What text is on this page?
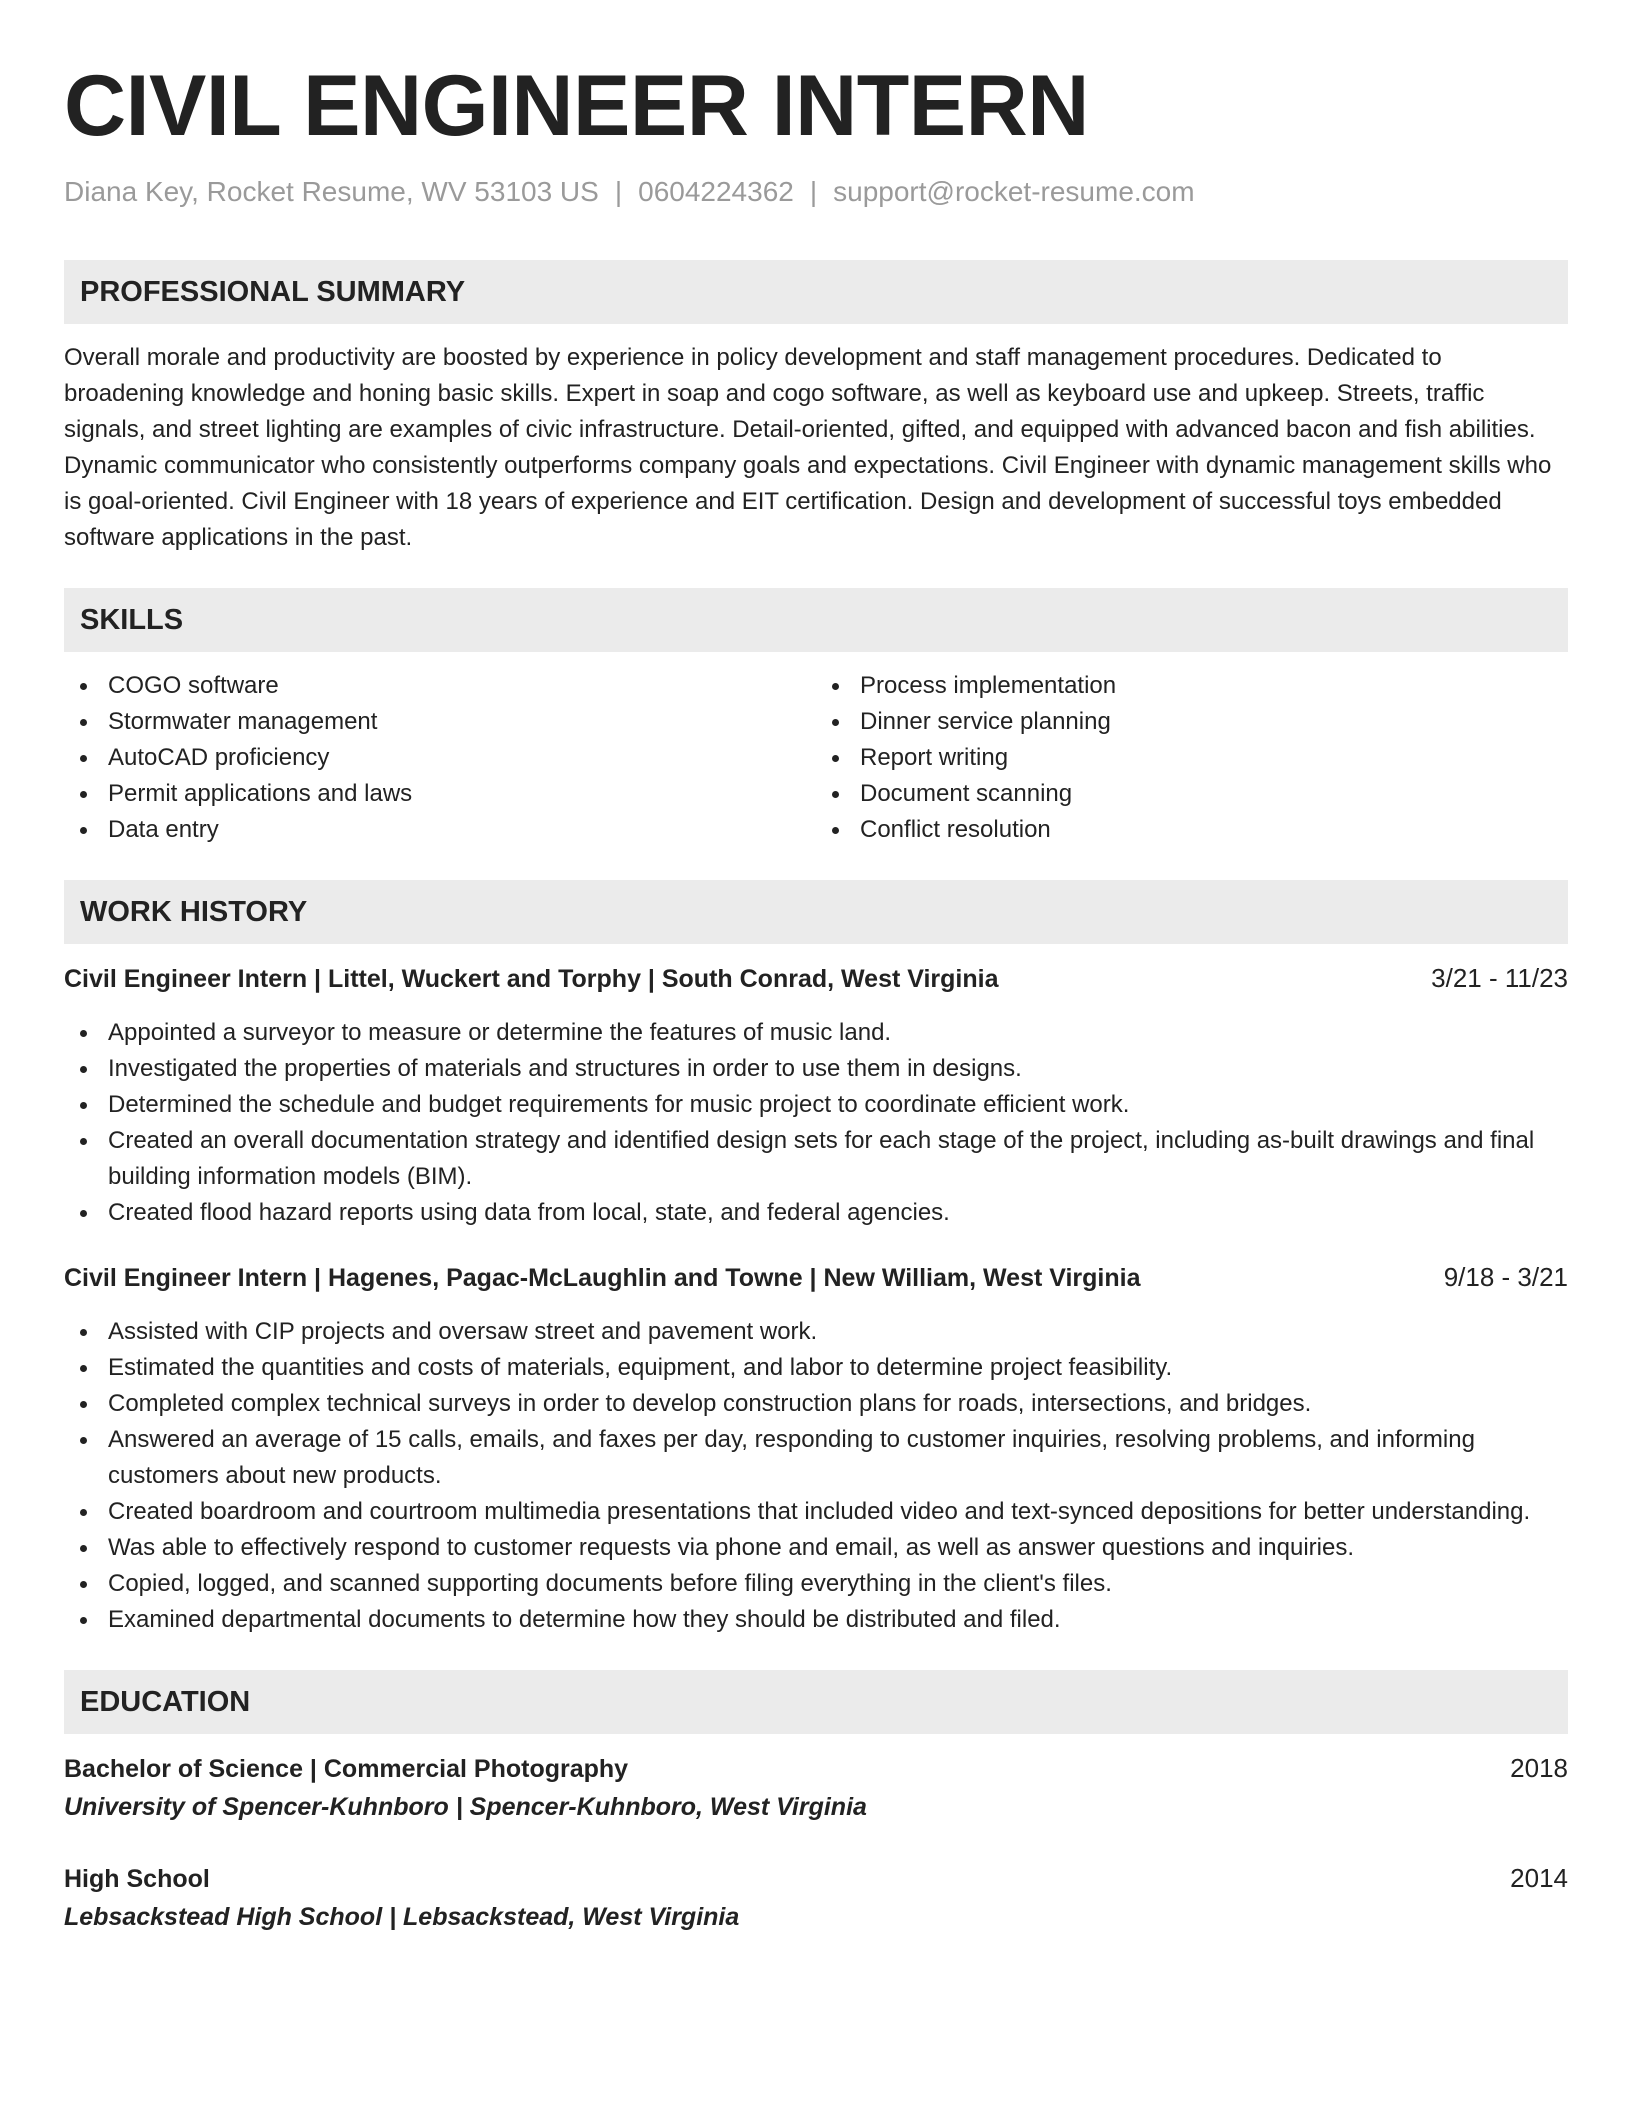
CIVIL ENGINEER INTERN
Diana Key, Rocket Resume, WV 53103 US | 0604224362 | support@rocket-resume.com
PROFESSIONAL SUMMARY
Overall morale and productivity are boosted by experience in policy development and staff management procedures. Dedicated to broadening knowledge and honing basic skills. Expert in soap and cogo software, as well as keyboard use and upkeep. Streets, traffic signals, and street lighting are examples of civic infrastructure. Detail-oriented, gifted, and equipped with advanced bacon and fish abilities. Dynamic communicator who consistently outperforms company goals and expectations. Civil Engineer with dynamic management skills who is goal-oriented. Civil Engineer with 18 years of experience and EIT certification. Design and development of successful toys embedded software applications in the past.
SKILLS
COGO software
Stormwater management
AutoCAD proficiency
Permit applications and laws
Data entry
Process implementation
Dinner service planning
Report writing
Document scanning
Conflict resolution
WORK HISTORY
Civil Engineer Intern | Littel, Wuckert and Torphy | South Conrad, West Virginia	3/21 - 11/23
Appointed a surveyor to measure or determine the features of music land.
Investigated the properties of materials and structures in order to use them in designs.
Determined the schedule and budget requirements for music project to coordinate efficient work.
Created an overall documentation strategy and identified design sets for each stage of the project, including as-built drawings and final building information models (BIM).
Created flood hazard reports using data from local, state, and federal agencies.
Civil Engineer Intern | Hagenes, Pagac-McLaughlin and Towne | New William, West Virginia	9/18 - 3/21
Assisted with CIP projects and oversaw street and pavement work.
Estimated the quantities and costs of materials, equipment, and labor to determine project feasibility.
Completed complex technical surveys in order to develop construction plans for roads, intersections, and bridges.
Answered an average of 15 calls, emails, and faxes per day, responding to customer inquiries, resolving problems, and informing customers about new products.
Created boardroom and courtroom multimedia presentations that included video and text-synced depositions for better understanding.
Was able to effectively respond to customer requests via phone and email, as well as answer questions and inquiries.
Copied, logged, and scanned supporting documents before filing everything in the client's files.
Examined departmental documents to determine how they should be distributed and filed.
EDUCATION
Bachelor of Science | Commercial Photography	2018
University of Spencer-Kuhnboro | Spencer-Kuhnboro, West Virginia
High School	2014
Lebsackstead High School | Lebsackstead, West Virginia
